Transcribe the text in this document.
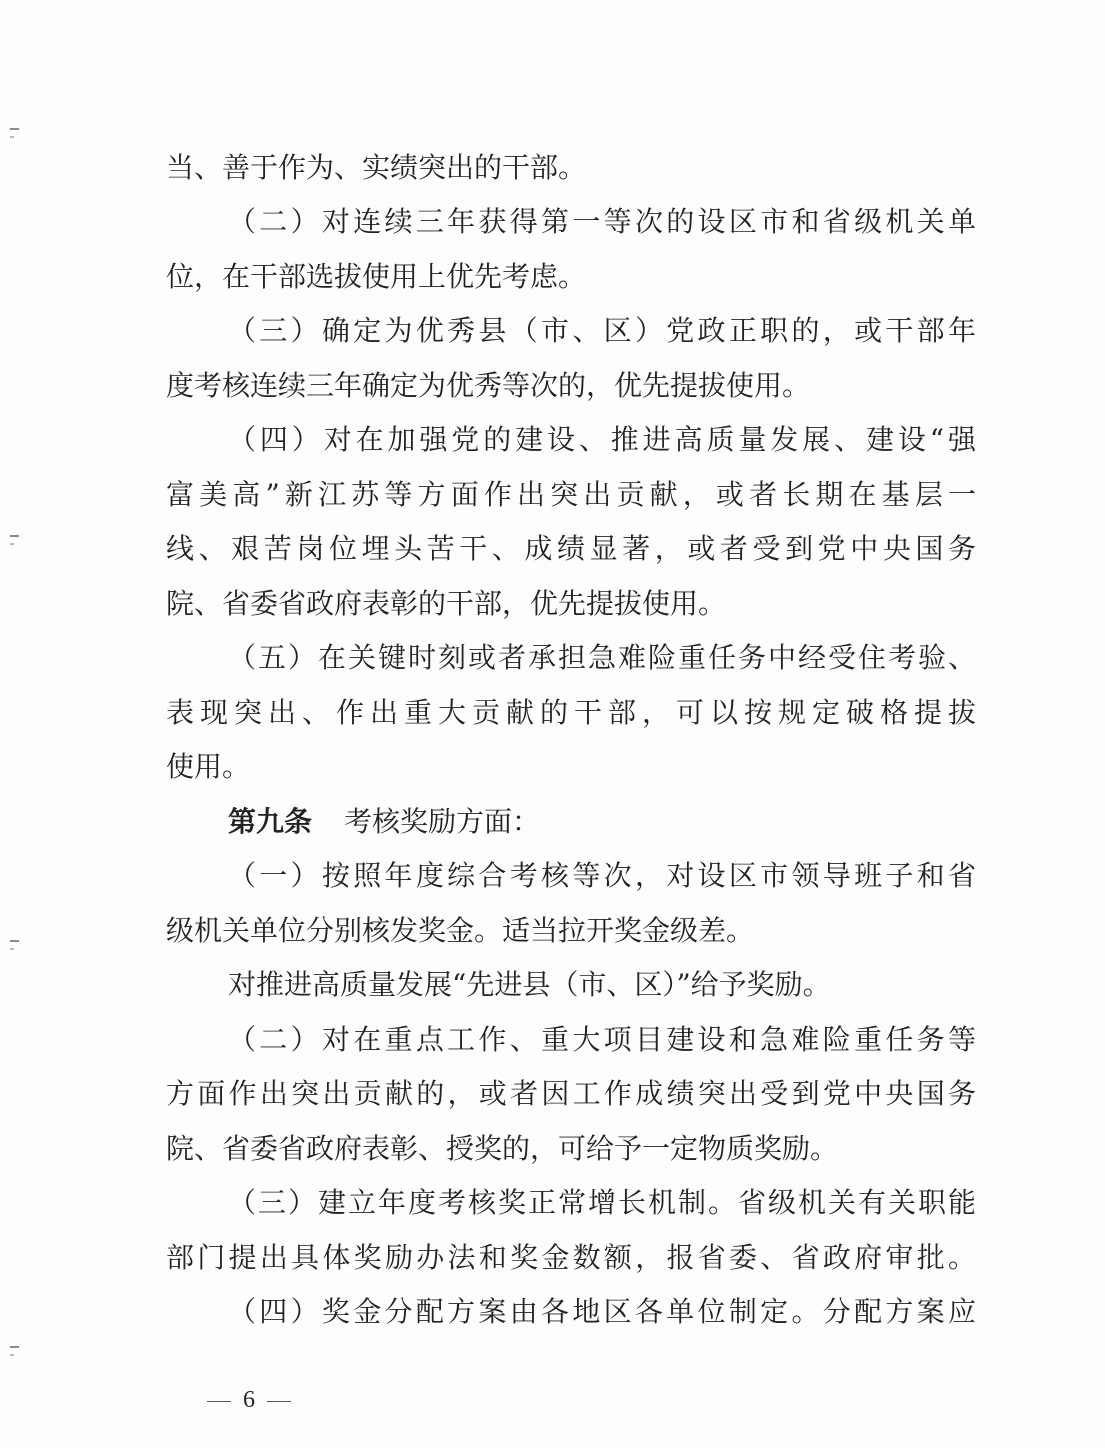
当、善于作为、实绩突出的干部。
（二）对连续三年获得第一等次的设区市和省级机关单
位，在干部选拔使用上优先考虑。
（三）确定为优秀县（市、区）党政正职的，或干部年
度考核连续三年确定为优秀等次的，优先提拔使用。
（四）对在加强党的建设、推进高质量发展、建设“强
富美高”新江苏等方面作出突出贡献，或者长期在基层一
线、艰苦岗位埋头苦干、成绩显著，或者受到党中央国务
院、省委省政府表彰的干部，优先提拔使用。
（五）在关键时刻或者承担急难险重任务中经受住考验、
表现突出、作出重大贡献的干部，可以按规定破格提拔
使用。
第九条 考核奖励方面：
（一）按照年度综合考核等次，对设区市领导班子和省
级机关单位分别核发奖金。适当拉开奖金级差。
对推进高质量发展“先进县（市、区）”给予奖励。
（二）对在重点工作、重大项目建设和急难险重任务等
方面作出突出贡献的，或者因工作成绩突出受到党中央国务
院、省委省政府表彰、授奖的，可给予一定物质奖励。
（三）建立年度考核奖正常增长机制。省级机关有关职能
部门提出具体奖励办法和奖金数额，报省委、省政府审批。
（四）奖金分配方案由各地区各单位制定。分配方案应
6
